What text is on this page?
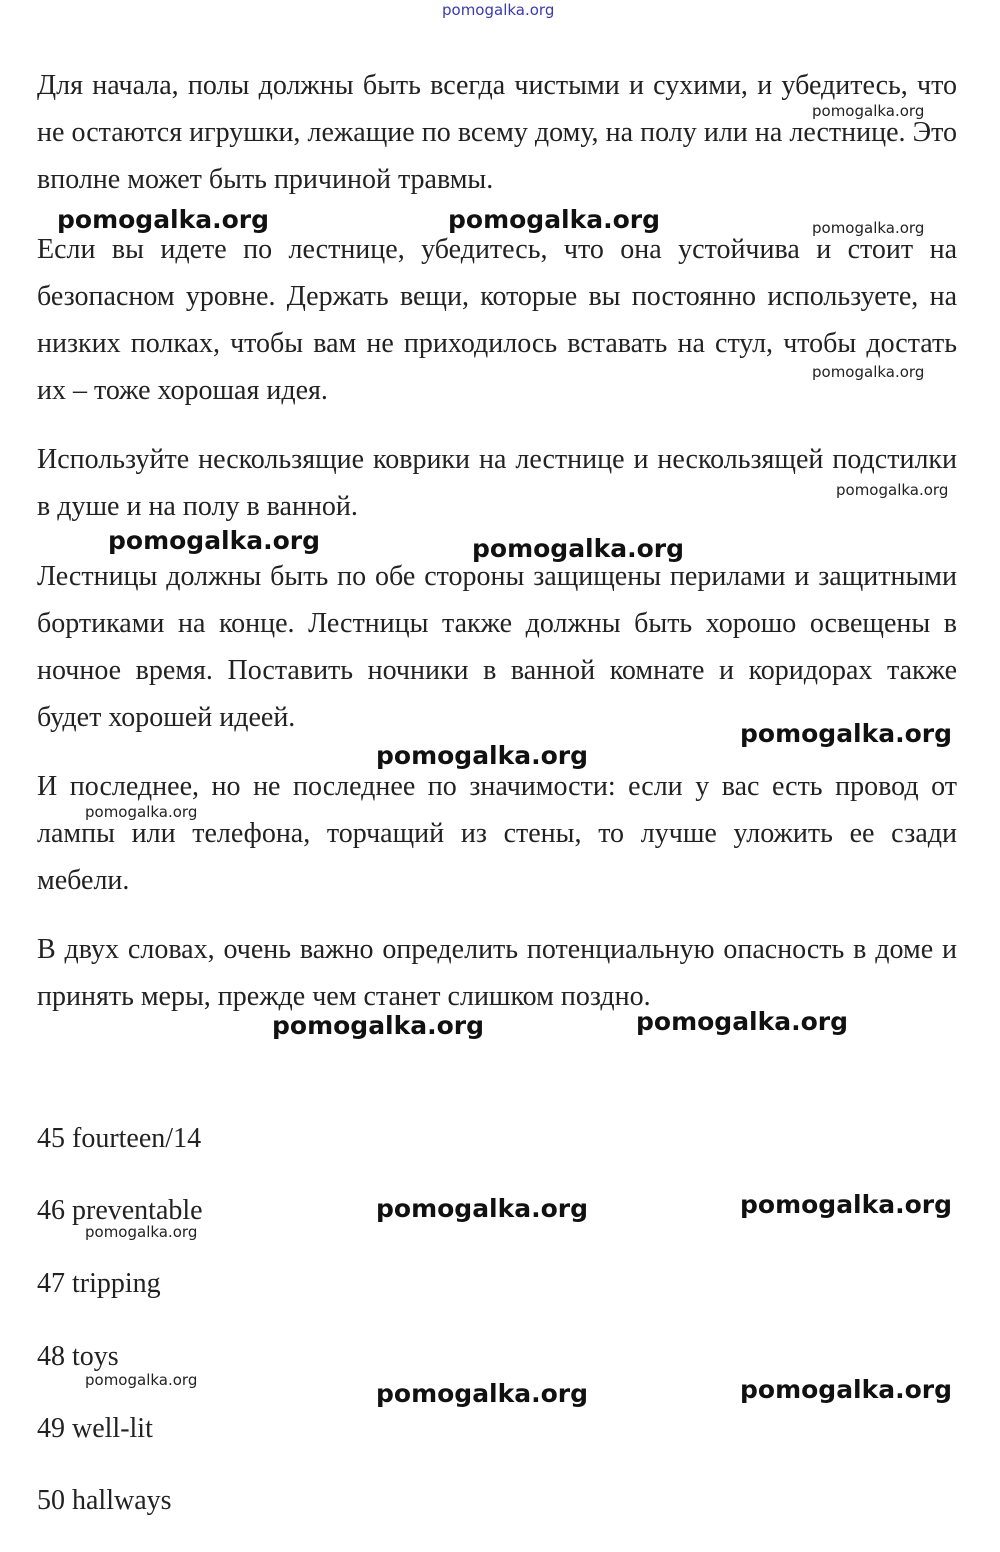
pomogalka.org

Для начала, полы должны быть всегда чистыми и сухими, и убедитесь, что не остаются игрушки, лежащие по всему дому, на полу или на лестнице. Это вполне может быть причиной травмы.

Если вы идете по лестнице, убедитесь, что она устойчива и стоит на безопасном уровне. Держать вещи, которые вы постоянно используете, на низких полках, чтобы вам не приходилось вставать на стул, чтобы достать их – тоже хорошая идея.

Используйте нескользящие коврики на лестнице и нескользящей подстилки в душе и на полу в ванной.

Лестницы должны быть по обе стороны защищены перилами и защитными бортиками на конце. Лестницы также должны быть хорошо освещены в ночное время. Поставить ночники в ванной комнате и коридорах также будет хорошей идеей.

И последнее, но не последнее по значимости: если у вас есть провод от лампы или телефона, торчащий из стены, то лучше уложить ее сзади мебели.

В двух словах, очень важно определить потенциальную опасность в доме и принять меры, прежде чем станет слишком поздно.

45 fourteen/14

46 preventable

47 tripping

48 toys

49 well-lit

50 hallways

pomogalka.org
pomogalka.org
pomogalka.org
pomogalka.org
pomogalka.org
pomogalka.org
pomogalka.org
pomogalka.org	pomogalka.org
pomogalka.org	pomogalka.org
pomogalka.org
pomogalka.org
pomogalka.org	pomogalka.org
pomogalka.org	pomogalka.org
pomogalka.org	pomogalka.org
